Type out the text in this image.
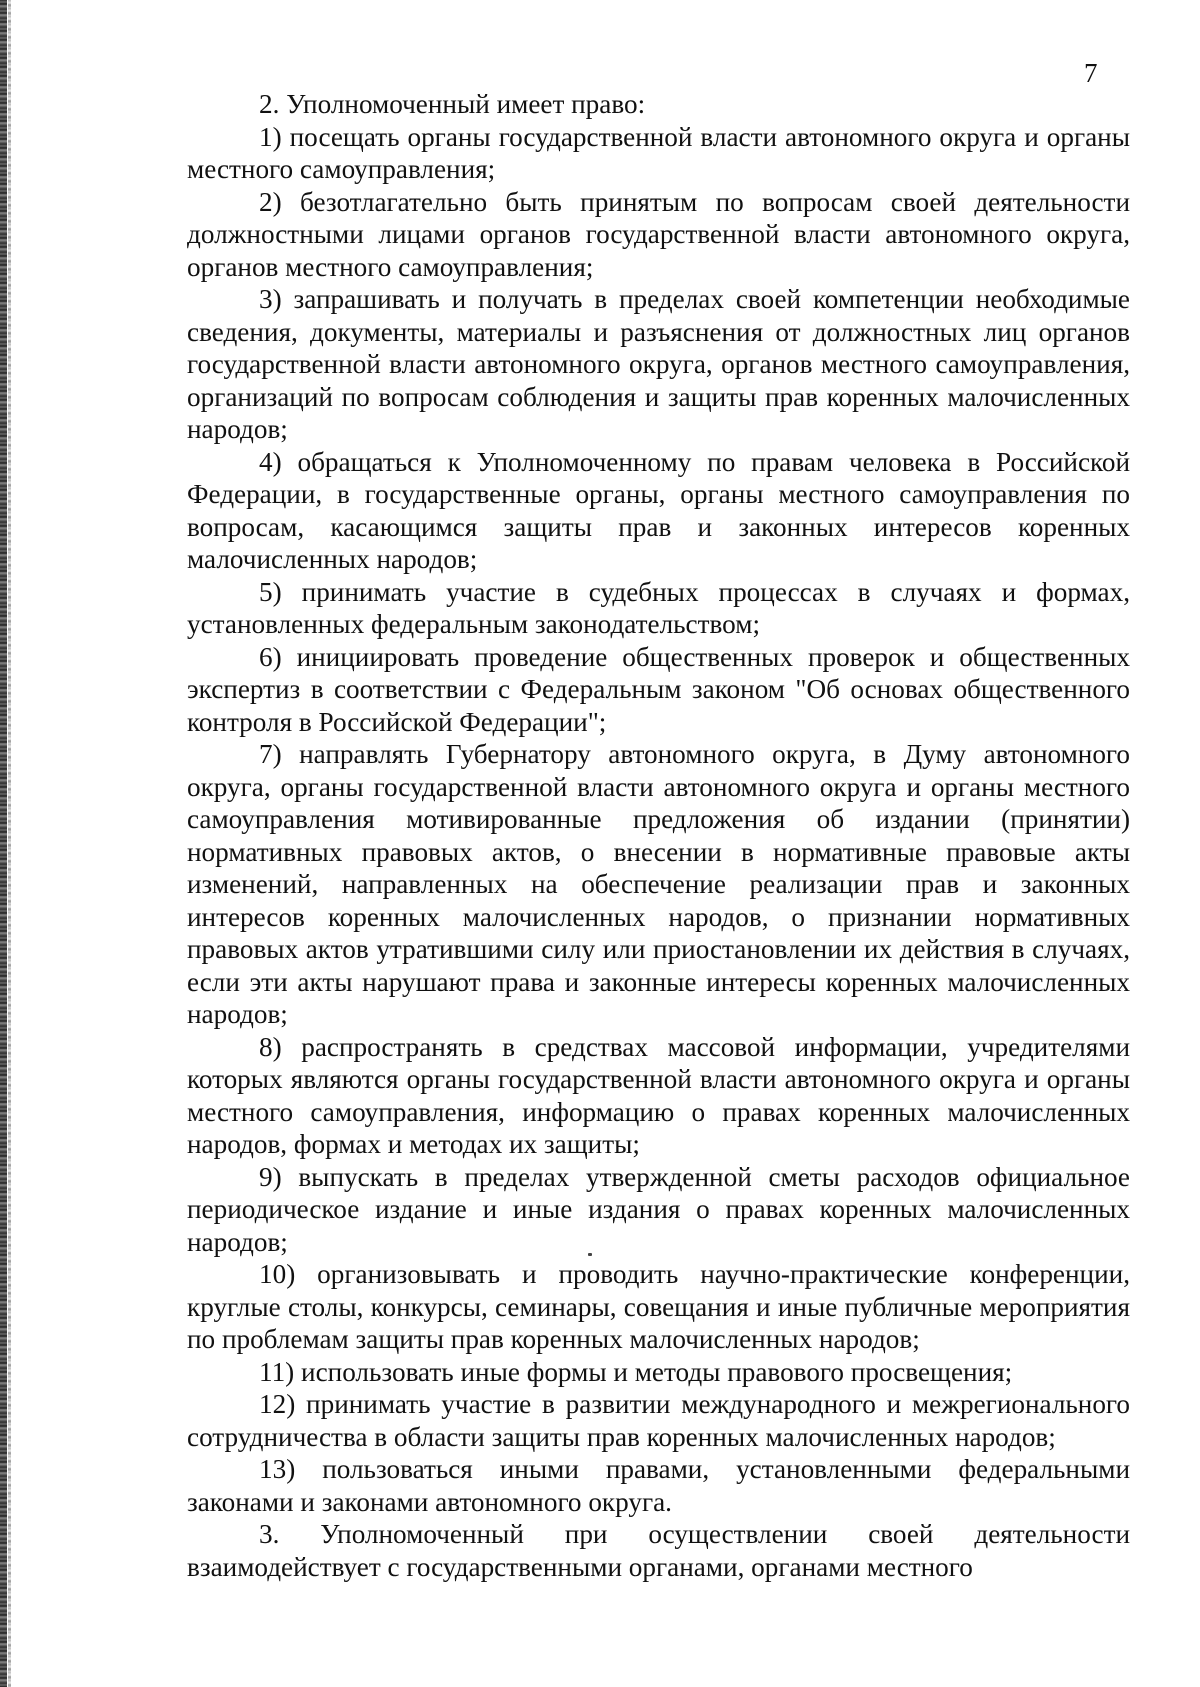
7

2. Уполномоченный имеет право:

1) посещать органы государственной власти автономного округа и органы местного самоуправления;

2) безотлагательно быть принятым по вопросам своей деятельности должностными лицами органов государственной власти автономного округа, органов местного самоуправления;

3) запрашивать и получать в пределах своей компетенции необходимые сведения, документы, материалы и разъяснения от должностных лиц органов государственной власти автономного округа, органов местного самоуправления, организаций по вопросам соблюдения и защиты прав коренных малочисленных народов;

4) обращаться к Уполномоченному по правам человека в Российской Федерации, в государственные органы, органы местного самоуправления по вопросам, касающимся защиты прав и законных интересов коренных малочисленных народов;

5) принимать участие в судебных процессах в случаях и формах, установленных федеральным законодательством;

6) инициировать проведение общественных проверок и общественных экспертиз в соответствии с Федеральным законом "Об основах общественного контроля в Российской Федерации";

7) направлять Губернатору автономного округа, в Думу автономного округа, органы государственной власти автономного округа и органы местного самоуправления мотивированные предложения об издании (принятии) нормативных правовых актов, о внесении в нормативные правовые акты изменений, направленных на обеспечение реализации прав и законных интересов коренных малочисленных народов, о признании нормативных правовых актов утратившими силу или приостановлении их действия в случаях, если эти акты нарушают права и законные интересы коренных малочисленных народов;

8) распространять в средствах массовой информации, учредителями которых являются органы государственной власти автономного округа и органы местного самоуправления, информацию о правах коренных малочисленных народов, формах и методах их защиты;

9) выпускать в пределах утвержденной сметы расходов официальное периодическое издание и иные издания о правах коренных малочисленных народов;

10) организовывать и проводить научно-практические конференции, круглые столы, конкурсы, семинары, совещания и иные публичные мероприятия по проблемам защиты прав коренных малочисленных народов;

11) использовать иные формы и методы правового просвещения;

12) принимать участие в развитии международного и межрегионального сотрудничества в области защиты прав коренных малочисленных народов;

13) пользоваться иными правами, установленными федеральными законами и законами автономного округа.

3. Уполномоченный при осуществлении своей деятельности взаимодействует с государственными органами, органами местного
